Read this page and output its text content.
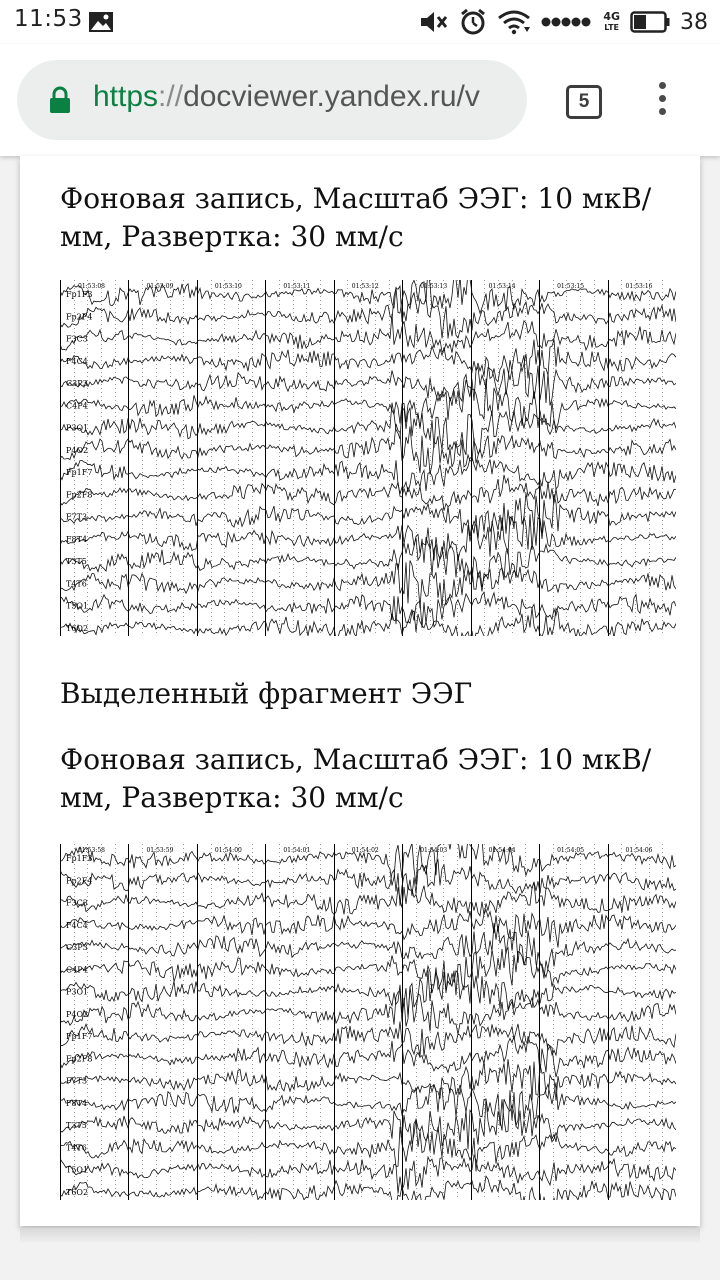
11:53	4G
LTE	38
https://docviewer.yandex.ru/v	5
Фоновая запись, Масштаб ЭЭГ: 10 мкВ/мм, Развертка: 30 мм/с
01:53:08	01:53:09	01:53:10	01:53:11	01:53:12	01:53:13	01:53:14	01:53:15	01:53:16
Fp1F3
Fp2F4
F3C3
F4C4
C3P3
C4P4
P3O1
P4O2
Fp1F7
Fp2F8
F7T3
F8T4
T3T5
T4T6
T5O1
T6O2
Выделенный фрагмент ЭЭГ
Фоновая запись, Масштаб ЭЭГ: 10 мкВ/мм, Развертка: 30 мм/с
01:53:58	01:53:59	01:54:00	01:54:01	01:54:02	01:54:03	01:54:04	01:54:05	01:54:06
Fp1F3
Fp2F4
F3C3
F4C4
C3P3
C4P4
P3O1
P4O2
Fp1F7
Fp2F8
F7T3
F8T4
T3T5
T4T6
T5O1
T6O2
